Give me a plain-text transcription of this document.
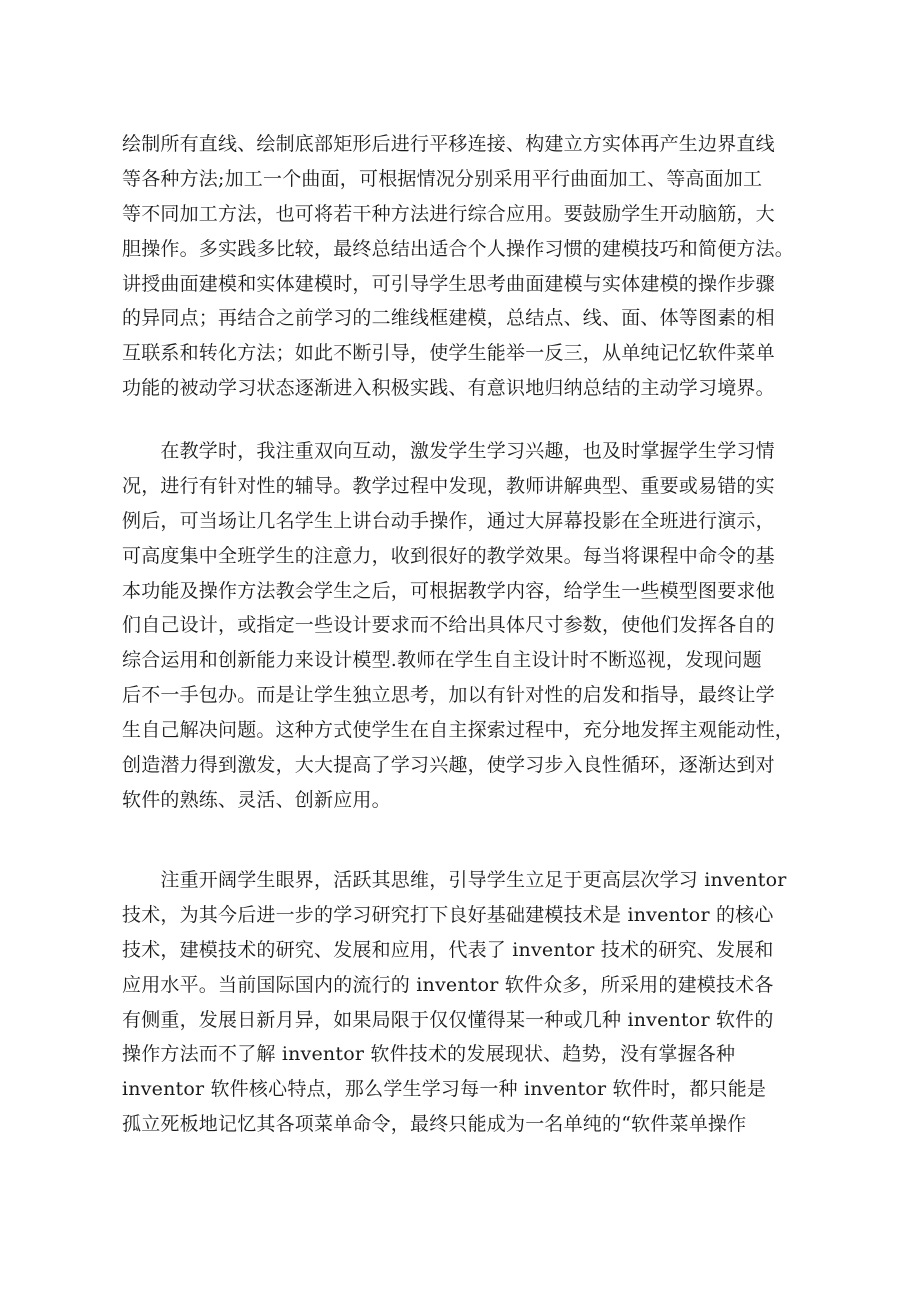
绘制所有直线、绘制底部矩形后进行平移连接、构建立方实体再产生边界直线
等各种方法;加工一个曲面，可根据情况分别采用平行曲面加工、等高面加工
等不同加工方法，也可将若干种方法进行综合应用。要鼓励学生开动脑筋，大
胆操作。多实践多比较，最终总结出适合个人操作习惯的建模技巧和简便方法。
讲授曲面建模和实体建模时，可引导学生思考曲面建模与实体建模的操作步骤
的异同点；再结合之前学习的二维线框建模，总结点、线、面、体等图素的相
互联系和转化方法；如此不断引导，使学生能举一反三，从单纯记忆软件菜单
功能的被动学习状态逐渐进入积极实践、有意识地归纳总结的主动学习境界。
　　在教学时，我注重双向互动，激发学生学习兴趣，也及时掌握学生学习情
况，进行有针对性的辅导。教学过程中发现，教师讲解典型、重要或易错的实
例后，可当场让几名学生上讲台动手操作，通过大屏幕投影在全班进行演示，
可高度集中全班学生的注意力，收到很好的教学效果。每当将课程中命令的基
本功能及操作方法教会学生之后，可根据教学内容，给学生一些模型图要求他
们自己设计，或指定一些设计要求而不给出具体尺寸参数，使他们发挥各自的
综合运用和创新能力来设计模型.教师在学生自主设计时不断巡视，发现问题
后不一手包办。而是让学生独立思考，加以有针对性的启发和指导，最终让学
生自己解决问题。这种方式使学生在自主探索过程中，充分地发挥主观能动性，
创造潜力得到激发，大大提高了学习兴趣，使学习步入良性循环，逐渐达到对
软件的熟练、灵活、创新应用。
　　注重开阔学生眼界，活跃其思维，引导学生立足于更高层次学习 inventor
技术，为其今后进一步的学习研究打下良好基础建模技术是 inventor 的核心
技术，建模技术的研究、发展和应用，代表了 inventor 技术的研究、发展和
应用水平。当前国际国内的流行的 inventor 软件众多，所采用的建模技术各
有侧重，发展日新月异，如果局限于仅仅懂得某一种或几种 inventor 软件的
操作方法而不了解 inventor 软件技术的发展现状、趋势，没有掌握各种
inventor 软件核心特点，那么学生学习每一种 inventor 软件时，都只能是
孤立死板地记忆其各项菜单命令，最终只能成为一名单纯的“软件菜单操作
